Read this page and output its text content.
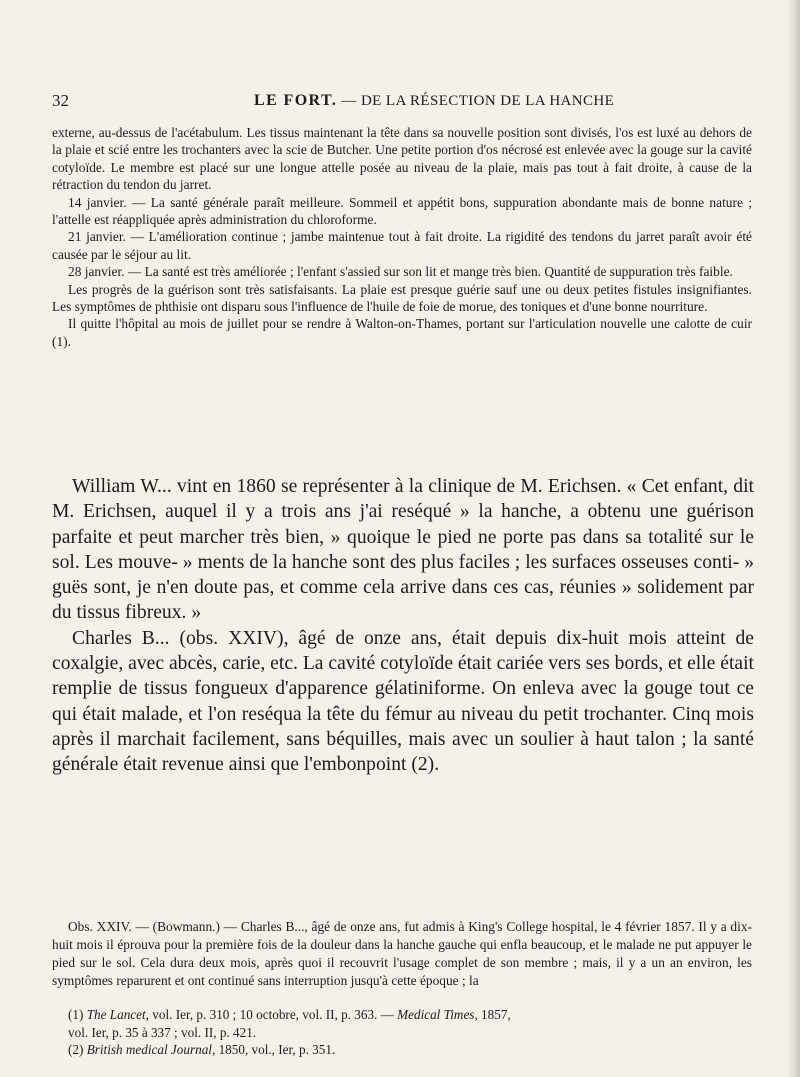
32	LE FORT. — DE LA RÉSECTION DE LA HANCHE

externe, au-dessus de l'acétabulum. Les tissus maintenant la tête dans sa nouvelle position sont divisés, l'os est luxé au dehors de la plaie et scié entre les trochanters avec la scie de Butcher. Une petite portion d'os nécrosé est enlevée avec la gouge sur la cavité cotyloïde. Le membre est placé sur une longue attelle posée au niveau de la plaie, mais pas tout à fait droite, à cause de la rétraction du tendon du jarret.

14 janvier. — La santé générale paraît meilleure. Sommeil et appétit bons, suppuration abondante mais de bonne nature ; l'attelle est réappliquée après administration du chloroforme.

21 janvier. — L'amélioration continue ; jambe maintenue tout à fait droite. La rigidité des tendons du jarret paraît avoir été causée par le séjour au lit.

28 janvier. — La santé est très améliorée ; l'enfant s'assied sur son lit et mange très bien. Quantité de suppuration très faible.

Les progrès de la guérison sont très satisfaisants. La plaie est presque guérie sauf une ou deux petites fistules insignifiantes. Les symptômes de phthisie ont disparu sous l'influence de l'huile de foie de morue, des toniques et d'une bonne nourriture.

Il quitte l'hôpital au mois de juillet pour se rendre à Walton-on-Thames, portant sur l'articulation nouvelle une calotte de cuir (1).

William W... vint en 1860 se représenter à la clinique de M. Erichsen. « Cet enfant, dit M. Erichsen, auquel il y a trois ans j'ai reséqué » la hanche, a obtenu une guérison parfaite et peut marcher très bien, » quoique le pied ne porte pas dans sa totalité sur le sol. Les mouve- » ments de la hanche sont des plus faciles ; les surfaces osseuses conti- » guës sont, je n'en doute pas, et comme cela arrive dans ces cas, réunies » solidement par du tissus fibreux. »

Charles B... (obs. XXIV), âgé de onze ans, était depuis dix-huit mois atteint de coxalgie, avec abcès, carie, etc. La cavité cotyloïde était cariée vers ses bords, et elle était remplie de tissus fongueux d'apparence gélatiniforme. On enleva avec la gouge tout ce qui était malade, et l'on reséqua la tête du fémur au niveau du petit trochanter. Cinq mois après il marchait facilement, sans béquilles, mais avec un soulier à haut talon ; la santé générale était revenue ainsi que l'embonpoint (2).

Obs. XXIV. — (Bowmann.) — Charles B..., âgé de onze ans, fut admis à King's College hospital, le 4 février 1857. Il y a dix-huit mois il éprouva pour la première fois de la douleur dans la hanche gauche qui enfla beaucoup, et le malade ne put appuyer le pied sur le sol. Cela dura deux mois, après quoi il recouvrit l'usage complet de son membre ; mais, il y a un an environ, les symptômes reparurent et ont continué sans interruption jusqu'à cette époque ; la

(1) The Lancet, vol. Ier, p. 310 ; 10 octobre, vol. II, p. 363. — Medical Times, 1857,

vol. Ier, p. 35 à 337 ; vol. II, p. 421.

(2) British medical Journal, 1850, vol., Ier, p. 351.
